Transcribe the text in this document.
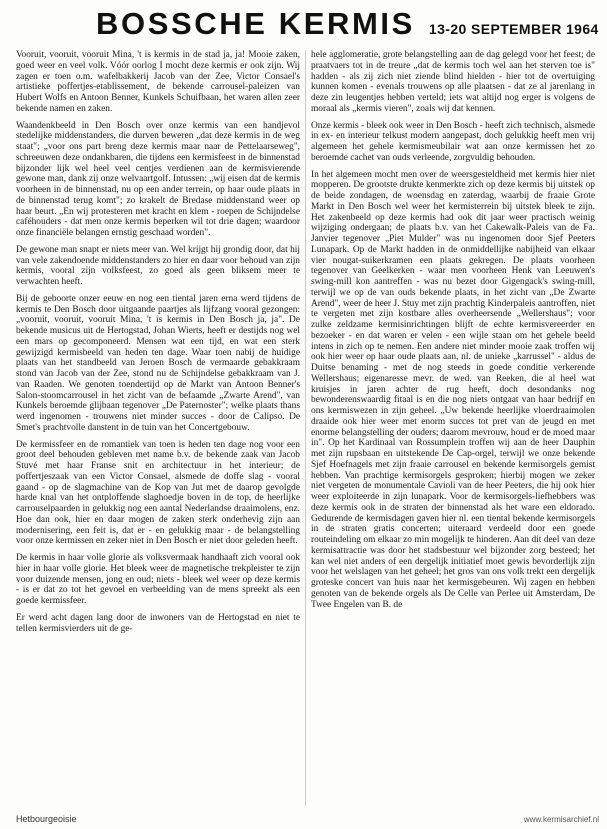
BOSSCHE KERMIS 13-20 SEPTEMBER 1964

Vooruit, vooruit, vooruit Mina, 't is kermis in de stad ja, ja! Mooie zaken, goed weer en veel volk. Vóór oorlog I mocht deze kermis er ook zijn. Wij zagen er toen o.m. wafelbakkerij Jacob van der Zee, Victor Consael's artistieke poffertjes-etablissement, de bekende carrousel-paleizen van Hubert Wolfs en Antoon Benner, Kunkels Schuifbaan, het waren allen zeer bekende namen en zaken.

Waandenkbeeld in Den Bosch over onze kermis van een handjevol stedelijke middenstanders, die durven beweren „dat deze kermis in de weg staat"; „voor ons part breng deze kermis maar naar de Pettelaarseweg", schreeuwen deze ondankbaren, die tijdens een kermisfeest in de binnenstad bijzonder lijk wel heel veel centjes verdienen aan de kermisvierende gewone man, dank zij onze welvaartgolf. Intussen: „wij eisen dat de kermis voorheen in de binnenstad, nu op een ander terrein, op haar oude plaats in de binnenstad terug komt"; zo krakelt de Bredase middenstand weer op haar beurt. „En wij protesteren met kracht en klem - roepen de Schijndelse caféhouders - dat men onze kermis beperken wil tot drie dagen; waardoor onze financiële belangen ernstig geschaad worden".

De gewone man snapt er niets meer van. Wel krijgt hij grondig door, dat hij van vele zakendoende middenstanders zo hier en daar voor behoud van zijn kermis, vooral zijn volksfeest, zo goed als geen bliksem meer te verwachten heeft.

Bij de geboorte onzer eeuw en nog een tiental jaren erna werd tijdens de kermis te Den Bosch door uitgaande paartjes als lijfzang vooral gezongen: „vooruit, vooruit, vooruit Mina, 't is kermis in Den Bosch ja, ja". De bekende musicus uit de Hertogstad, Johan Wierts, heeft er destijds nog wel een mars op gecomponeerd. Mensen wat een tijd, en wat een sterk gewijzigd kermisbeeld van heden ten dage. Waar toen nabij de huidige plaats van het standbeeld van Jeroen Bosch de vermaarde gebakkraam stond van Jacob van der Zee, stond nu de Schijndelse gebakkraam van J. van Raaden. We genoten toendertijd op de Markt van Antoon Benner's Salon-stoomcarrousel in het zicht van de befaamde „Zwarte Arend", van Kunkels beroemde glijbaan tegenover „De Paternoster"; welke plaats thans werd ingenomen - trouwens niet minder succes - door de Calipso. De Smet's prachtvolle danstent in de tuin van het Concertgebouw.

De kermissfeer en de romantiek van toen is heden ten dage nog voor een groot deel behouden gebleven met name b.v. de bekende zaak van Jacob Stuvé met haar Franse snit en architectuur in het interieur; de poffertjeszaak van een Victor Consael, alsmede de doffe slag - vooral gaand - op de slagmachine van de Kop van Jut met de daarop gevolgde harde knal van het ontploffende slaghoedje boven in de top, de heerlijke carrouselpaarden in gelukkig nog een aantal Nederlandse draaimolens, enz. Hoe dan ook, hier en daar mogen de zaken sterk onderhevig zijn aan modernisering, een feit is, dat er - en gelukkig maar - de belangstelling voor onze kermissen en zeker niet in Den Bosch er niet door geleden heeft.

De kermis in haar volle glorie als volksvermaak handhaaft zich vooral ook hier in haar volle glorie. Het bleek weer de magnetische trekpleister te zijn voor duizende mensen, jong en oud; niets - bleek wel weer op deze kermis - is er dat zo tot het gevoel en verbeelding van de mens spreekt als een goede kermissfeer.

Er werd acht dagen lang door de inwoners van de Hertogstad en niet te tellen kermisvierders uit de ge-

hele agglomeratie, grote belangstelling aan de dag gelegd voor het feest; de praatvaers tot in de treure „dat de kermis toch wel aan het sterven toe is" hadden - als zij zich niet ziende blind hielden - hier tot de overtuiging kunnen komen - evenals trouwens op alle plaatsen - dat ze al jarenlang in deze zin leugentjes hebben verteld; iets wat altijd nog erger is volgens de moraal als „kermis vieren", zoals wij dat kennen.

Onze kermis - bleek ook weer in Den Bosch - heeft zich technisch, alsmede in ex- en interieur telkust modern aangepast, doch gelukkig heeft men vrij algemeen het gehele kermismeubilair wat aan onze kermissen het zo beroemde cachet van ouds verleende, zorgvuldig behouden.

In het algemeen mocht men over de weersgesteldheid met kermis hier niet mopperen. De grootste drukte kenmerkte zich op deze kermis bij uitstek op de beide zondagen, de woensdag en zaterdag, waarbij de fraaie Grote Markt in Den Bosch wel weer het kermisterrein bij uitstek bleek te zijn. Het zakenbeeld op deze kermis had ook dit jaar weer practisch weinig wijziging ondergaan; de plaats b.v. van het Cakewalk-Paleis van de Fa. Janvier tegenover „Piet Mulder" was nu ingenomen door Sjef Peeters Lunapark. Op de Markt hadden in de onmiddellijke nabijheid van elkaar vier nougat-suikerkramen een plaats gekregen. De plaats voorheen tegenover van Geelkerken - waar men voorheen Henk van Leeuwen's swing-mill kon aantreffen - was nu bezet door Gigengack's swing-mill, terwijl we op de van ouds bekende plaats, in het zicht van „De Zwarte Arend", weer de heer J. Stuy met zijn prachtig Kinderpaleis aantroffen, niet te vergeten met zijn kostbare alles overheersende „Wellershaus"; voor zulke zeldzame kermisinrichtingen blijft de echte kermisvereerder en bezoeker - en dat waren er velen - een wijle staan om het gehele beeld intens in zich op te nemen. Een andere niet minder mooie zaak troffen wij ook hier weer op haar oude plaats aan, nl. de unieke „karrussel" - aldus de Duitse benaming - met de nog steeds in goede conditie verkerende Wellershaus; eigenaresse mevr. de wed. van Reeken, die al heel wat kruisjes in jaren achter de rug heeft, doch desondanks nog bewonderenswaardig fitaal is en die nog niets ontgaat van haar bedrijf en ons kermiswezen in zijn geheel. „Uw bekende heerlijke vloerdraaimolen draaide ook hier weer met enorm succes tot pret van de jeugd en met enorme belangstelling der ouders; daarom mevrouw, houd er de moed maar in". Op het Kardinaal van Rossumplein troffen wij aan de heer Dauphin met zijn rupsbaan en uitstekende De Cap-orgel, terwijl we onze bekende Sjef Hoefnagels met zijn fraaie carrousel en bekende kermisorgels gemist hebben. Van prachtige kermisorgels gesproken; hierbij mogen we zeker niet vergeten de monumentale Cavioli van de heer Peeters, die hij ook hier weer exploiteerde in zijn lunapark. Voor de kermisorgels-liefhebbers was deze kermis ook in de straten der binnenstad als het ware een eldorado. Gedurende de kermisdagen gaven hier nl. een tiental bekende kermisorgels in de straten gratis concerten; uiteraard verdeeld door een goede routeindeling om elkaar zo min mogelijk te hinderen. Aan dit deel van deze kermisattractie was door het stadsbestuur wel bijzonder zorg besteed; het kan wel niet anders of een dergelijk initiatief moet gewis bevorderlijk zijn voor het welslagen van het geheel; het gros van ons volk trekt een dergelijk groteske concert van huis naar het kermisgebeuren. Wij zagen en hebben genoten van de bekende orgels als De Celle van Perlee uit Amsterdam, De Twee Engelen van B. de

Hetbourgeoisie	www.kermisarchief.nl
